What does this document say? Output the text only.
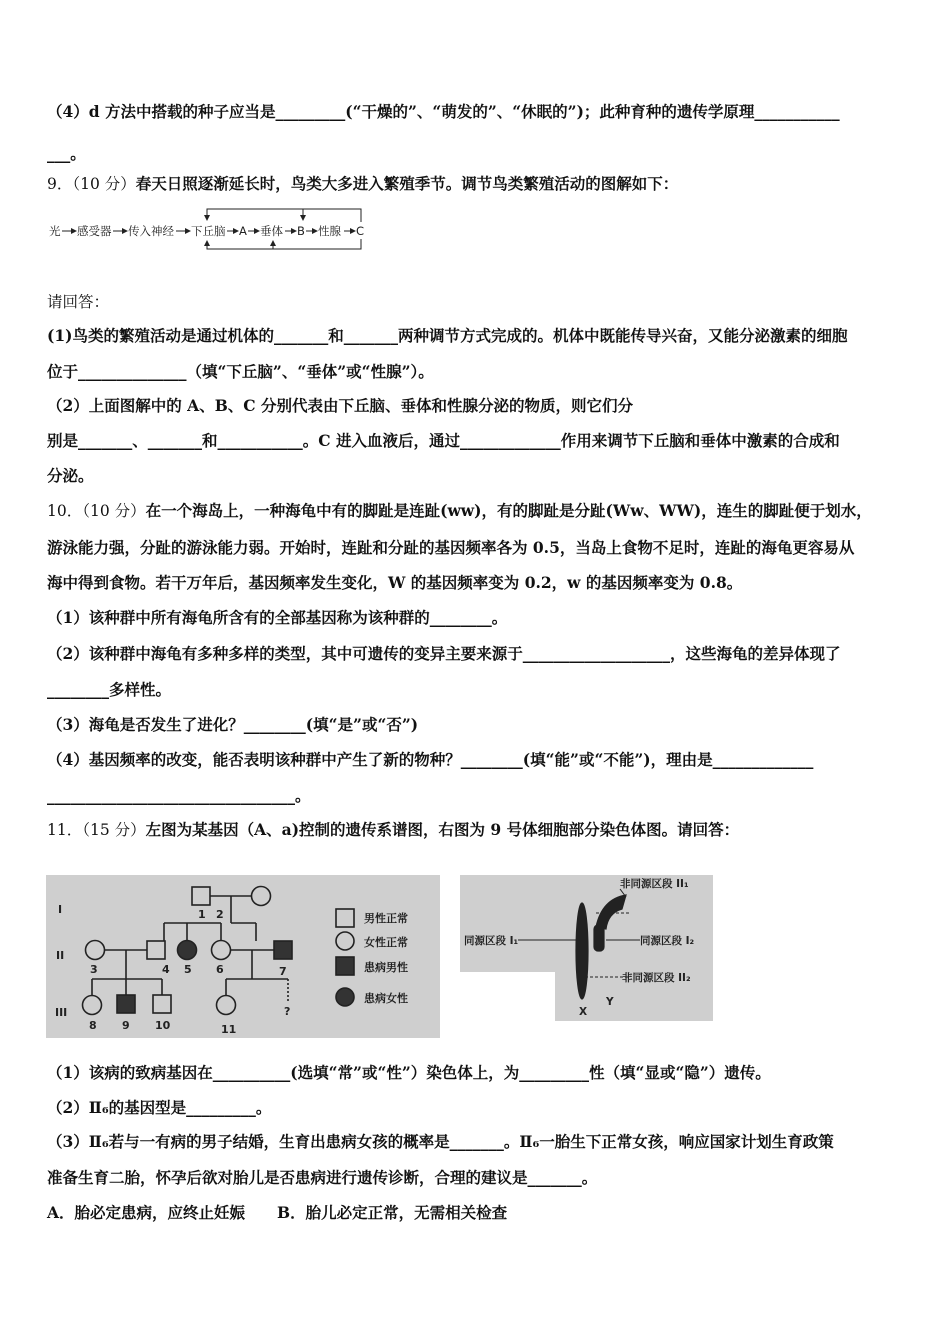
（4）d 方法中搭载的种子应当是_________(“干燥的”、“萌发的”、“休眠的”)；此种育种的遗传学原理___________
___。
9．（10 分）春天日照逐渐延长时，鸟类大多进入繁殖季节。调节鸟类繁殖活动的图解如下：
光 感受器 传入神经 下丘脑 A 垂体 B 性腺 C
请回答：
(1)鸟类的繁殖活动是通过机体的_______和_______两种调节方式完成的。机体中既能传导兴奋，又能分泌激素的细胞
位于______________（填“下丘脑”、“垂体”或“性腺”）。
（2）上面图解中的 A、B、C 分别代表由下丘脑、垂体和性腺分泌的物质，则它们分
别是_______、_______和___________。C 进入血液后，通过_____________作用来调节下丘脑和垂体中激素的合成和
分泌。
10．（10 分）在一个海岛上，一种海龟中有的脚趾是连趾(ww)，有的脚趾是分趾(Ww、WW)，连生的脚趾便于划水，
游泳能力强，分趾的游泳能力弱。开始时，连趾和分趾的基因频率各为 0.5，当岛上食物不足时，连趾的海龟更容易从
海中得到食物。若干万年后，基因频率发生变化，W 的基因频率变为 0.2，w 的基因频率变为 0.8。
（1）该种群中所有海龟所含有的全部基因称为该种群的________。
（2）该种群中海龟有多种多样的类型，其中可遗传的变异主要来源于___________________，这些海龟的差异体现了
________多样性。
（3）海龟是否发生了进化？________(填“是”或“否”)
（4）基因频率的改变，能否表明该种群中产生了新的物种？________(填“能”或“不能”)，理由是_____________
________________________________。
11．（15 分）左图为某基因（A、a)控制的遗传系谱图，右图为 9 号体细胞部分染色体图。请回答：
I
II
III
1 2
3	4 5 6	7
8 9 10	11
?
男性正常
女性正常
患病男性
患病女性
非同源区段 II₁
同源区段 I₁	同源区段 I₂
非同源区段 II₂
X
Y
（1）该病的致病基因在__________(选填“常”或“性”）染色体上，为_________性（填“显或“隐”）遗传。
（2）Ⅱ₆的基因型是_________。
（3）Ⅱ₆若与一有病的男子结婚，生育出患病女孩的概率是_______。Ⅱ₆一胎生下正常女孩，响应国家计划生育政策
准备生育二胎，怀孕后欲对胎儿是否患病进行遗传诊断，合理的建议是_______。
A．胎必定患病，应终止妊娠 B．胎儿必定正常，无需相关检查
